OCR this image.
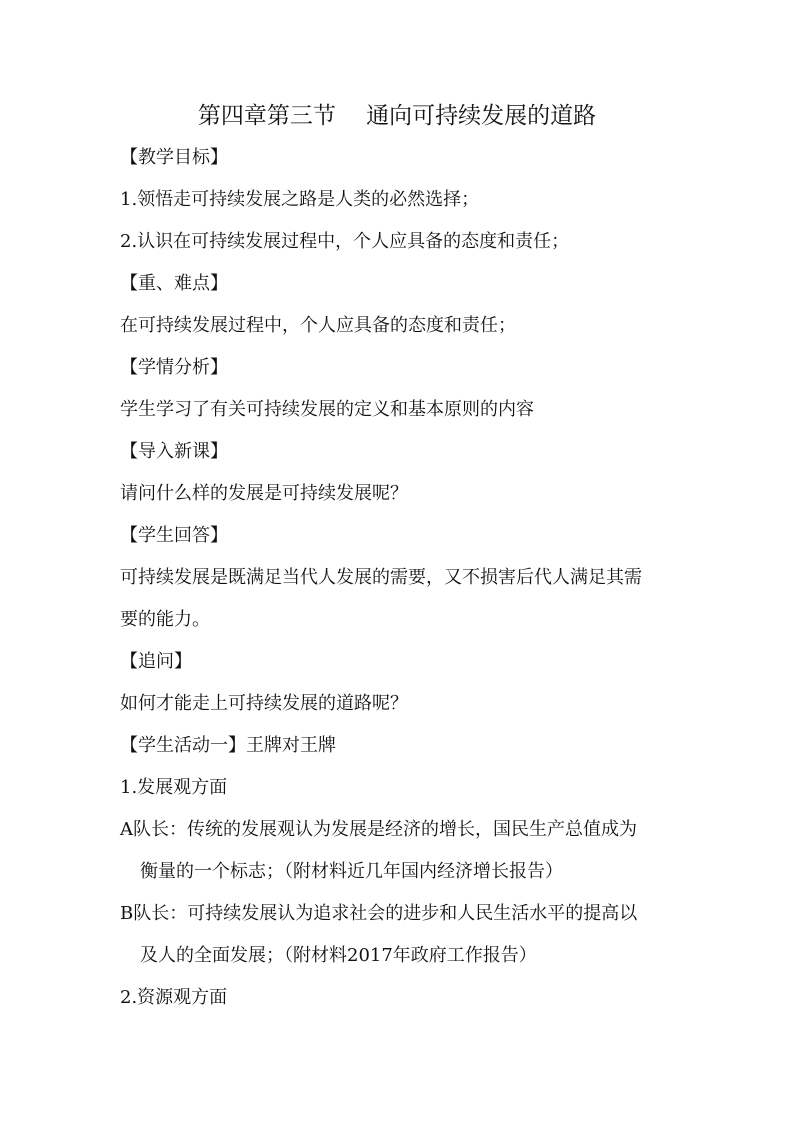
第四章第三节　 通向可持续发展的道路
【教学目标】
1.领悟走可持续发展之路是人类的必然选择；
2.认识在可持续发展过程中，个人应具备的态度和责任；
【重、难点】
在可持续发展过程中，个人应具备的态度和责任；
【学情分析】
学生学习了有关可持续发展的定义和基本原则的内容
【导入新课】
请问什么样的发展是可持续发展呢？
【学生回答】
可持续发展是既满足当代人发展的需要，又不损害后代人满足其需
要的能力。
【追问】
如何才能走上可持续发展的道路呢？
【学生活动一】王牌对王牌
1.发展观方面
A队长：传统的发展观认为发展是经济的增长，国民生产总值成为
衡量的一个标志；（附材料近几年国内经济增长报告）
B队长：可持续发展认为追求社会的进步和人民生活水平的提高以
及人的全面发展；（附材料2017年政府工作报告）
2.资源观方面
